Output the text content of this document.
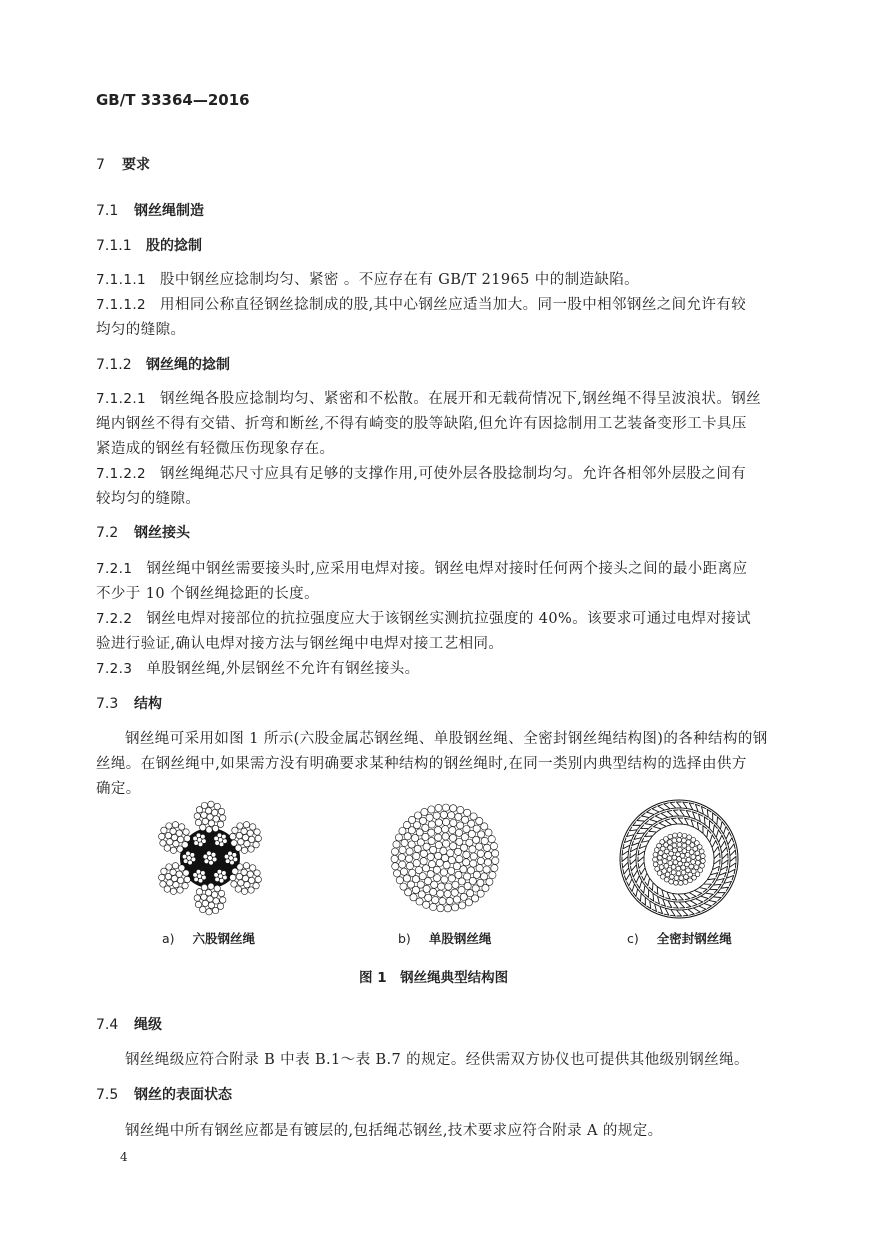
GB/T 33364—2016
7 要求
7.1 钢丝绳制造
7.1.1 股的捻制
7.1.1.1 股中钢丝应捻制均匀、紧密 。不应存在有 GB/T 21965 中的制造缺陷。
7.1.1.2 用相同公称直径钢丝捻制成的股,其中心钢丝应适当加大。同一股中相邻钢丝之间允许有较
均匀的缝隙。
7.1.2 钢丝绳的捻制
7.1.2.1 钢丝绳各股应捻制均匀、紧密和不松散。在展开和无载荷情况下,钢丝绳不得呈波浪状。钢丝
绳内钢丝不得有交错、折弯和断丝,不得有崎变的股等缺陷,但允许有因捻制用工艺装备变形工卡具压
紧造成的钢丝有轻微压伤现象存在。
7.1.2.2 钢丝绳绳芯尺寸应具有足够的支撑作用,可使外层各股捻制均匀。允许各相邻外层股之间有
较均匀的缝隙。
7.2 钢丝接头
7.2.1 钢丝绳中钢丝需要接头时,应采用电焊对接。钢丝电焊对接时任何两个接头之间的最小距离应
不少于 10 个钢丝绳捻距的长度。
7.2.2 钢丝电焊对接部位的抗拉强度应大于该钢丝实测抗拉强度的 40%。该要求可通过电焊对接试
验进行验证,确认电焊对接方法与钢丝绳中电焊对接工艺相同。
7.2.3 单股钢丝绳,外层钢丝不允许有钢丝接头。
7.3 结构
钢丝绳可采用如图 1 所示(六股金属芯钢丝绳、单股钢丝绳、全密封钢丝绳结构图)的各种结构的钢
丝绳。在钢丝绳中,如果需方没有明确要求某种结构的钢丝绳时,在同一类别内典型结构的选择由供方
确定。
a) 六股钢丝绳	b) 单股钢丝绳	c) 全密封钢丝绳
图 1　钢丝绳典型结构图
7.4 绳级
钢丝绳级应符合附录 B 中表 B.1～表 B.7 的规定。经供需双方协仪也可提供其他级别钢丝绳。
7.5 钢丝的表面状态
钢丝绳中所有钢丝应都是有镀层的,包括绳芯钢丝,技术要求应符合附录 A 的规定。
4
